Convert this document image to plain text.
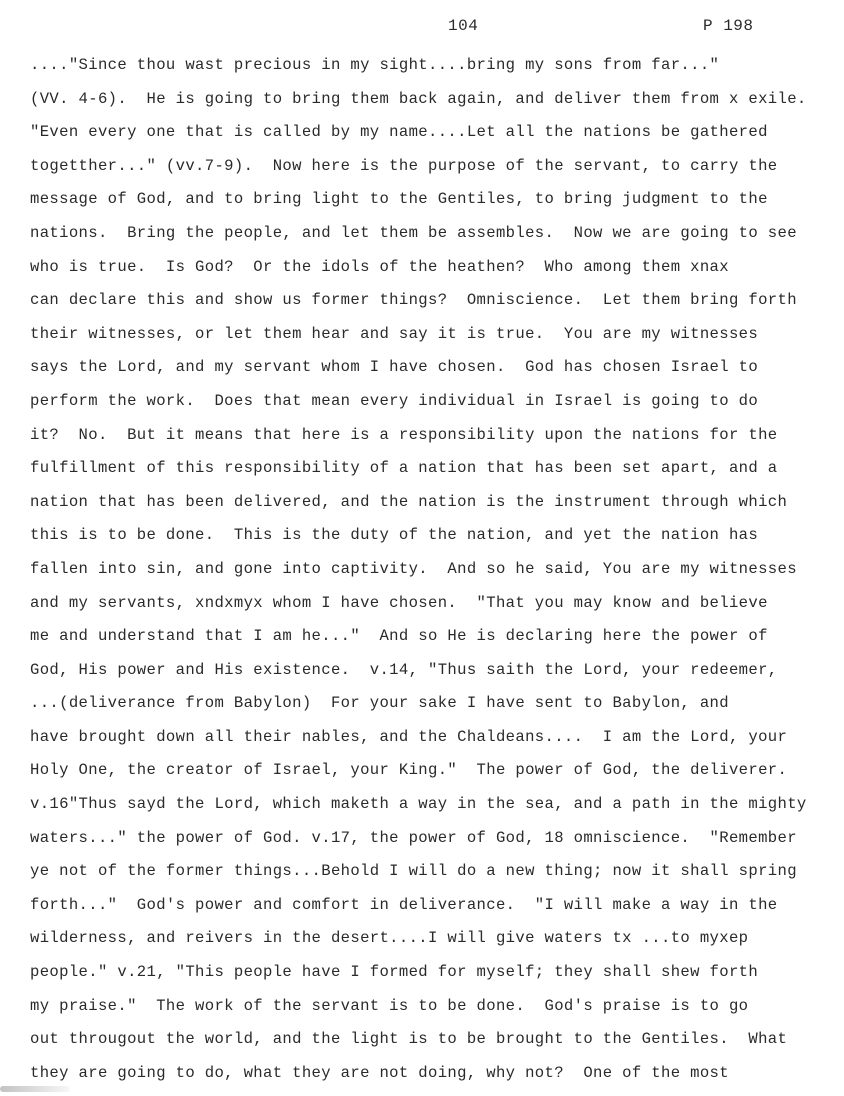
104	P 198
...."Since thou wast precious in my sight....bring my sons from far..."
(VV. 4-6).  He is going to bring them back again, and deliver them from x exile.
"Even every one that is called by my name....Let all the nations be gathered
togetther..." (vv.7-9).  Now here is the purpose of the servant, to carry the
message of God, and to bring light to the Gentiles, to bring judgment to the
nations.  Bring the people, and let them be assembles.  Now we are going to see
who is true.  Is God?  Or the idols of the heathen?  Who among them xnax
can declare this and show us former things?  Omniscience.  Let them bring forth
their witnesses, or let them hear and say it is true.  You are my witnesses
says the Lord, and my servant whom I have chosen.  God has chosen Israel to
perform the work.  Does that mean every individual in Israel is going to do
it?  No.  But it means that here is a responsibility upon the nations for the
fulfillment of this responsibility of a nation that has been set apart, and a
nation that has been delivered, and the nation is the instrument through which
this is to be done.  This is the duty of the nation, and yet the nation has
fallen into sin, and gone into captivity.  And so he said, You are my witnesses
and my servants, xndxmyx whom I have chosen.  "That you may know and believe
me and understand that I am he..."  And so He is declaring here the power of
God, His power and His existence.  v.14, "Thus saith the Lord, your redeemer,
...(deliverance from Babylon)  For your sake I have sent to Babylon, and
have brought down all their nables, and the Chaldeans....  I am the Lord, your
Holy One, the creator of Israel, your King."  The power of God, the deliverer.
v.16"Thus sayd the Lord, which maketh a way in the sea, and a path in the mighty
waters..." the power of God. v.17, the power of God, 18 omniscience.  "Remember
ye not of the former things...Behold I will do a new thing; now it shall spring
forth..."  God's power and comfort in deliverance.  "I will make a way in the
wilderness, and reivers in the desert....I will give waters tx ...to myxep
people." v.21, "This people have I formed for myself; they shall shew forth
my praise."  The work of the servant is to be done.  God's praise is to go
out througout the world, and the light is to be brought to the Gentiles.  What
they are going to do, what they are not doing, why not?  One of the most
